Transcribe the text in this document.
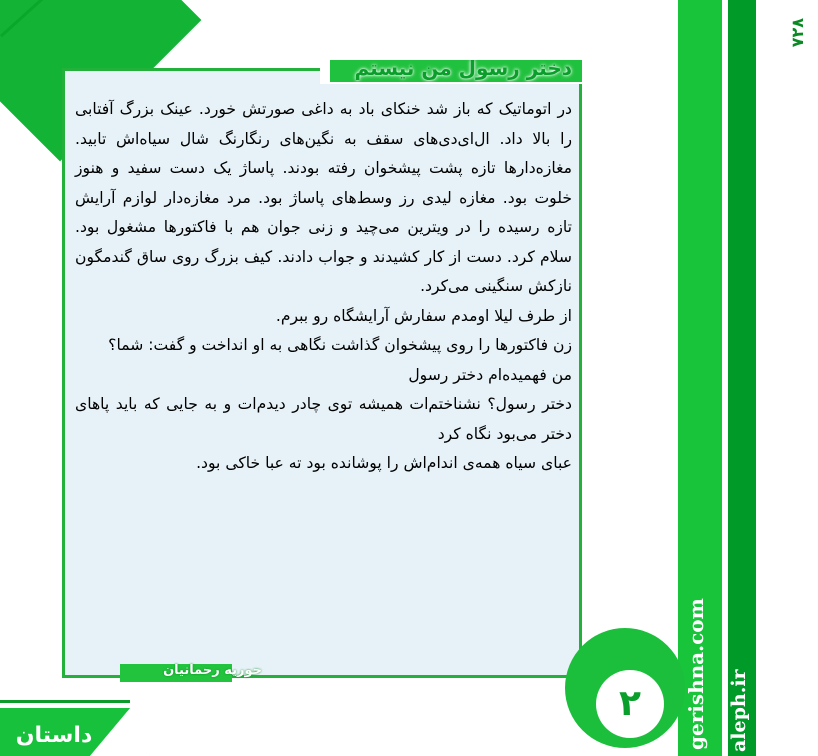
۷۲۸
دختر رسول من نیستم

در اتوماتیک که باز شد خنکای باد به داغی صورتش خورد. عینک بزرگ آفتابی را بالا داد. ال‌ای‌دی‌های سقف به نگین‌های رنگارنگ شال سیاه‌اش تابید. مغازه‌دارها تازه پشت پیشخوان رفته بودند. پاساژ یک دست سفید و هنوز خلوت بود. مغازه لیدی رز وسط‌های پاساژ بود. مرد مغازه‌دار لوازم آرایش تازه رسیده را در ویترین می‌چید و زنی جوان هم با فاکتورها مشغول بود. سلام کرد. دست از کار کشیدند و جواب دادند. کیف بزرگ روی ساق گندمگون نازکش سنگینی می‌کرد.

از طرف لیلا اومدم سفارش آرایشگاه رو ببرم.

زن فاکتورها را روی پیشخوان گذاشت نگاهی به او انداخت و گفت: شما؟

من فهمیده‌ام دختر رسول

دختر رسول؟ نشناختم‌ات همیشه توی چادر دیدم‌ات و به جایی که باید پاهای دختر می‌بود نگاه کرد

عبای سیاه همه‌ی اندام‌اش را پوشانده بود ته عبا خاکی بود.

حوریه رحمانیان
۲
داستان	gerishna.com aleph.ir
